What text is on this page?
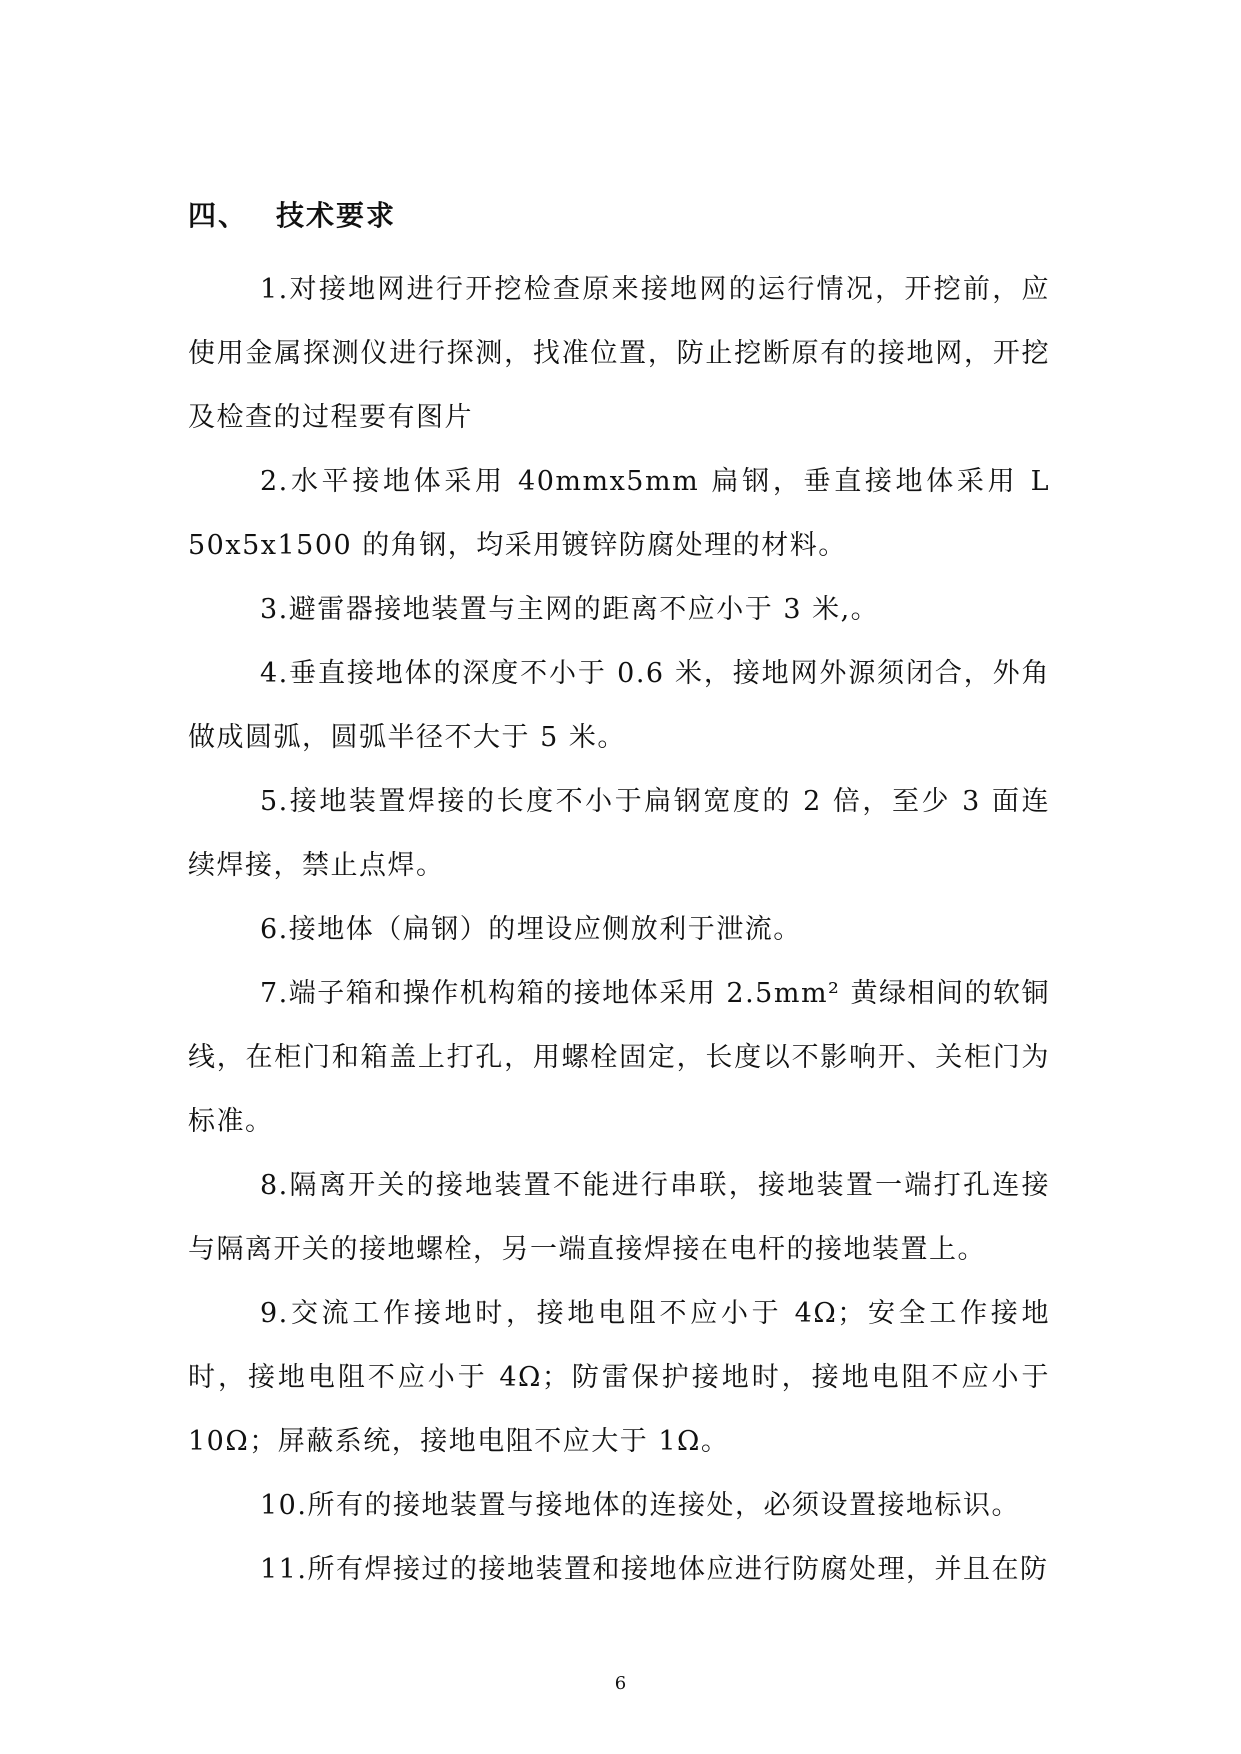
四、 技术要求

1.对接地网进行开挖检查原来接地网的运行情况，开挖前，应使用金属探测仪进行探测，找准位置，防止挖断原有的接地网，开挖及检查的过程要有图片

2.水平接地体采用 40mmx5mm 扁钢，垂直接地体采用 L 50x5x1500 的角钢，均采用镀锌防腐处理的材料。

3.避雷器接地装置与主网的距离不应小于 3 米,。

4.垂直接地体的深度不小于 0.6 米，接地网外源须闭合，外角做成圆弧，圆弧半径不大于 5 米。

5.接地装置焊接的长度不小于扁钢宽度的 2 倍，至少 3 面连续焊接，禁止点焊。

6.接地体（扁钢）的埋设应侧放利于泄流。

7.端子箱和操作机构箱的接地体采用 2.5mm² 黄绿相间的软铜线，在柜门和箱盖上打孔，用螺栓固定，长度以不影响开、关柜门为标准。

8.隔离开关的接地装置不能进行串联，接地装置一端打孔连接与隔离开关的接地螺栓，另一端直接焊接在电杆的接地装置上。

9.交流工作接地时，接地电阻不应小于 4Ω；安全工作接地时，接地电阻不应小于 4Ω；防雷保护接地时，接地电阻不应小于 10Ω；屏蔽系统，接地电阻不应大于 1Ω。

10.所有的接地装置与接地体的连接处，必须设置接地标识。

11.所有焊接过的接地装置和接地体应进行防腐处理，并且在防

6
